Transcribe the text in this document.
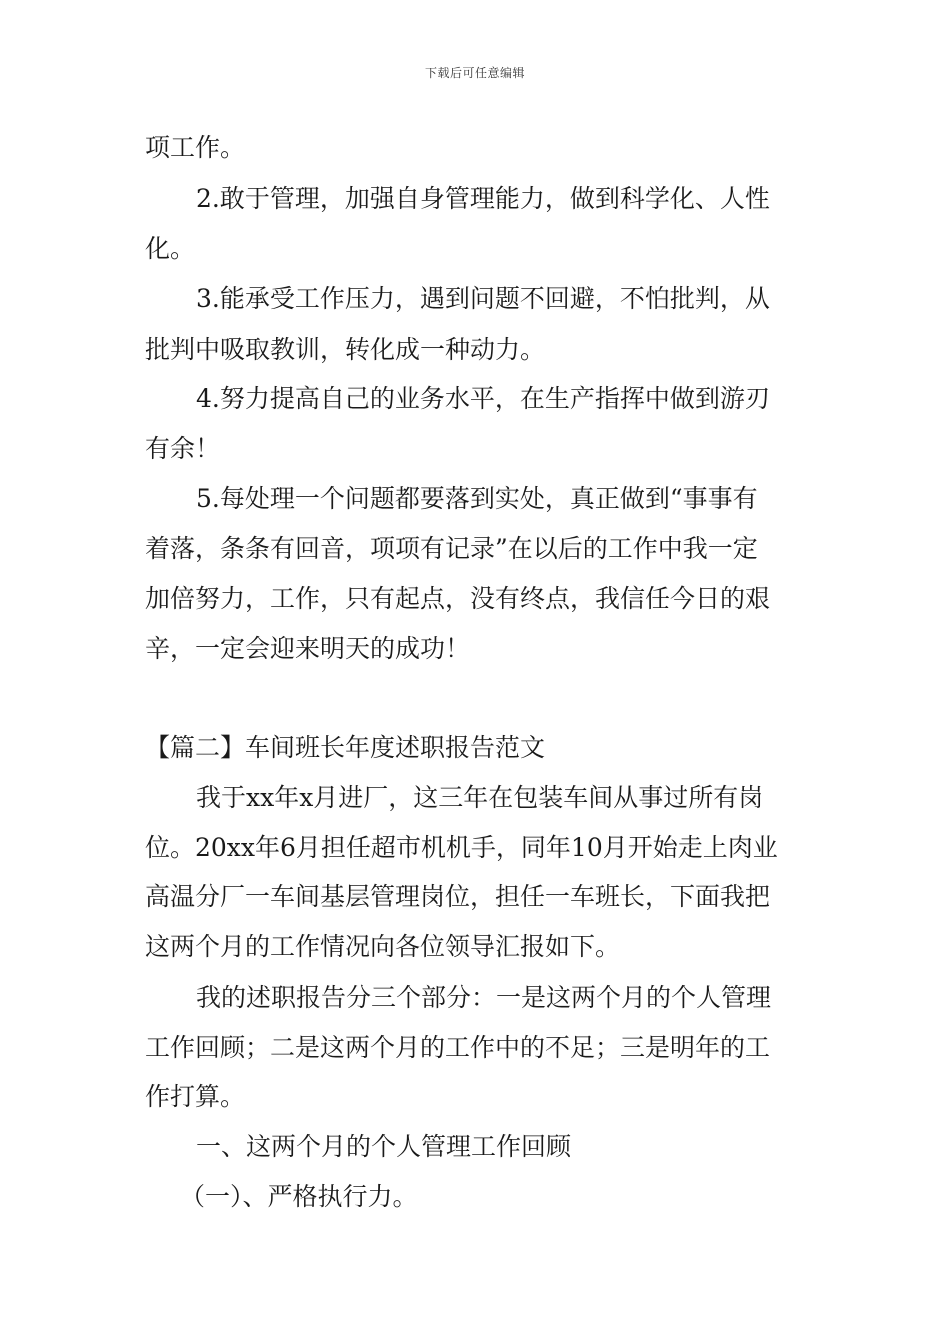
下载后可任意编辑
项工作。
2.敢于管理，加强自身管理能力，做到科学化、人性
化。
3.能承受工作压力，遇到问题不回避，不怕批判，从
批判中吸取教训，转化成一种动力。
4.努力提高自己的业务水平，在生产指挥中做到游刃
有余！
5.每处理一个问题都要落到实处，真正做到“事事有
着落，条条有回音，项项有记录”在以后的工作中我一定
加倍努力，工作，只有起点，没有终点，我信任今日的艰
辛，一定会迎来明天的成功！
【篇二】车间班长年度述职报告范文
我于xx年x月进厂，这三年在包装车间从事过所有岗
位。20xx年6月担任超市机机手，同年10月开始走上肉业
高温分厂一车间基层管理岗位，担任一车班长，下面我把
这两个月的工作情况向各位领导汇报如下。
我的述职报告分三个部分：一是这两个月的个人管理
工作回顾；二是这两个月的工作中的不足；三是明年的工
作打算。
一、这两个月的个人管理工作回顾
（一）、严格执行力。
